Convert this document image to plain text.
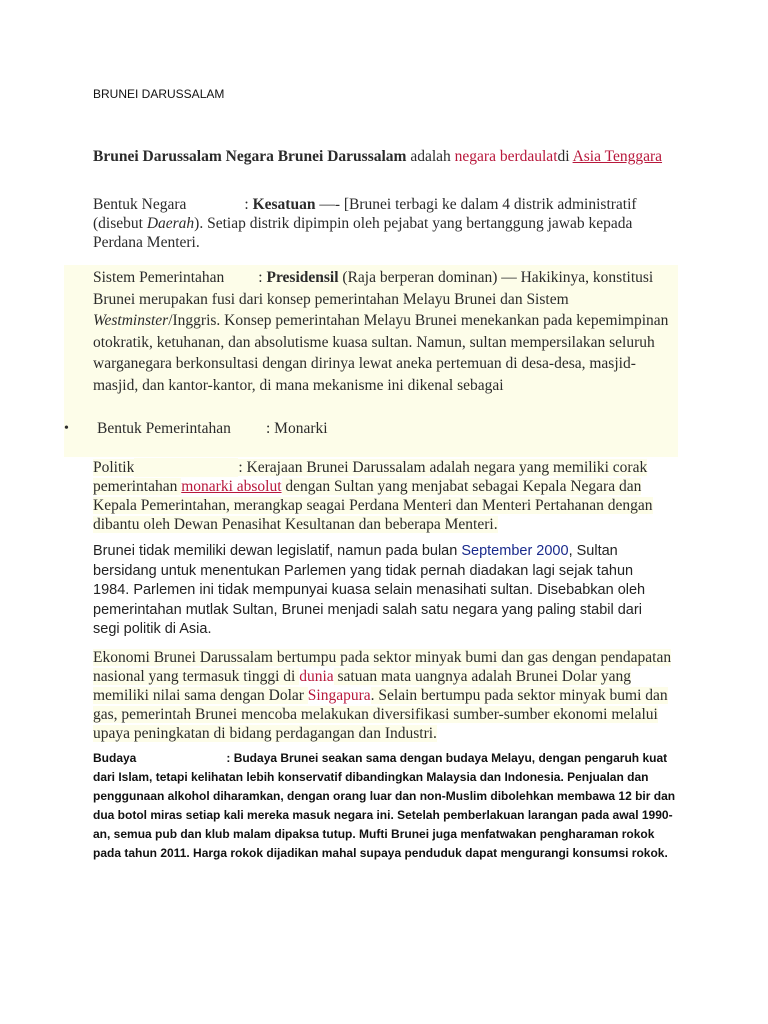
BRUNEI DARUSSALAM
Brunei Darussalam Negara Brunei Darussalam adalah negara berdaulatdi Asia Tenggara
Bentuk Negara	: Kesatuan —- [Brunei terbagi ke dalam 4 distrik administratif (disebut Daerah). Setiap distrik dipimpin oleh pejabat yang bertanggung jawab kepada Perdana Menteri.
Sistem Pemerintahan : Presidensil (Raja berperan dominan) — Hakikinya, konstitusi Brunei merupakan fusi dari konsep pemerintahan Melayu Brunei dan Sistem Westminster/Inggris. Konsep pemerintahan Melayu Brunei menekankan pada kepemimpinan otokratik, ketuhanan, dan absolutisme kuasa sultan. Namun, sultan mempersilakan seluruh warganegara berkonsultasi dengan dirinya lewat aneka pertemuan di desa-desa, masjid-masjid, dan kantor-kantor, di mana mekanisme ini dikenal sebagai
• Bentuk Pemerintahan : Monarki
Politik	: Kerajaan Brunei Darussalam adalah negara yang memiliki corak pemerintahan monarki absolut dengan Sultan yang menjabat sebagai Kepala Negara dan Kepala Pemerintahan, merangkap seagai Perdana Menteri dan Menteri Pertahanan dengan dibantu oleh Dewan Penasihat Kesultanan dan beberapa Menteri.
Brunei tidak memiliki dewan legislatif, namun pada bulan September 2000, Sultan bersidang untuk menentukan Parlemen yang tidak pernah diadakan lagi sejak tahun 1984. Parlemen ini tidak mempunyai kuasa selain menasihati sultan. Disebabkan oleh pemerintahan mutlak Sultan, Brunei menjadi salah satu negara yang paling stabil dari segi politik di Asia.
Ekonomi Brunei Darussalam bertumpu pada sektor minyak bumi dan gas dengan pendapatan nasional yang termasuk tinggi di dunia satuan mata uangnya adalah Brunei Dolar yang memiliki nilai sama dengan Dolar Singapura. Selain bertumpu pada sektor minyak bumi dan gas, pemerintah Brunei mencoba melakukan diversifikasi sumber-sumber ekonomi melalui upaya peningkatan di bidang perdagangan dan Industri.
Budaya	: Budaya Brunei seakan sama dengan budaya Melayu, dengan pengaruh kuat dari Islam, tetapi kelihatan lebih konservatif dibandingkan Malaysia dan Indonesia. Penjualan dan penggunaan alkohol diharamkan, dengan orang luar dan non-Muslim dibolehkan membawa 12 bir dan dua botol miras setiap kali mereka masuk negara ini. Setelah pemberlakuan larangan pada awal 1990-an, semua pub dan klub malam dipaksa tutup. Mufti Brunei juga menfatwakan pengharaman rokok pada tahun 2011. Harga rokok dijadikan mahal supaya penduduk dapat mengurangi konsumsi rokok.
